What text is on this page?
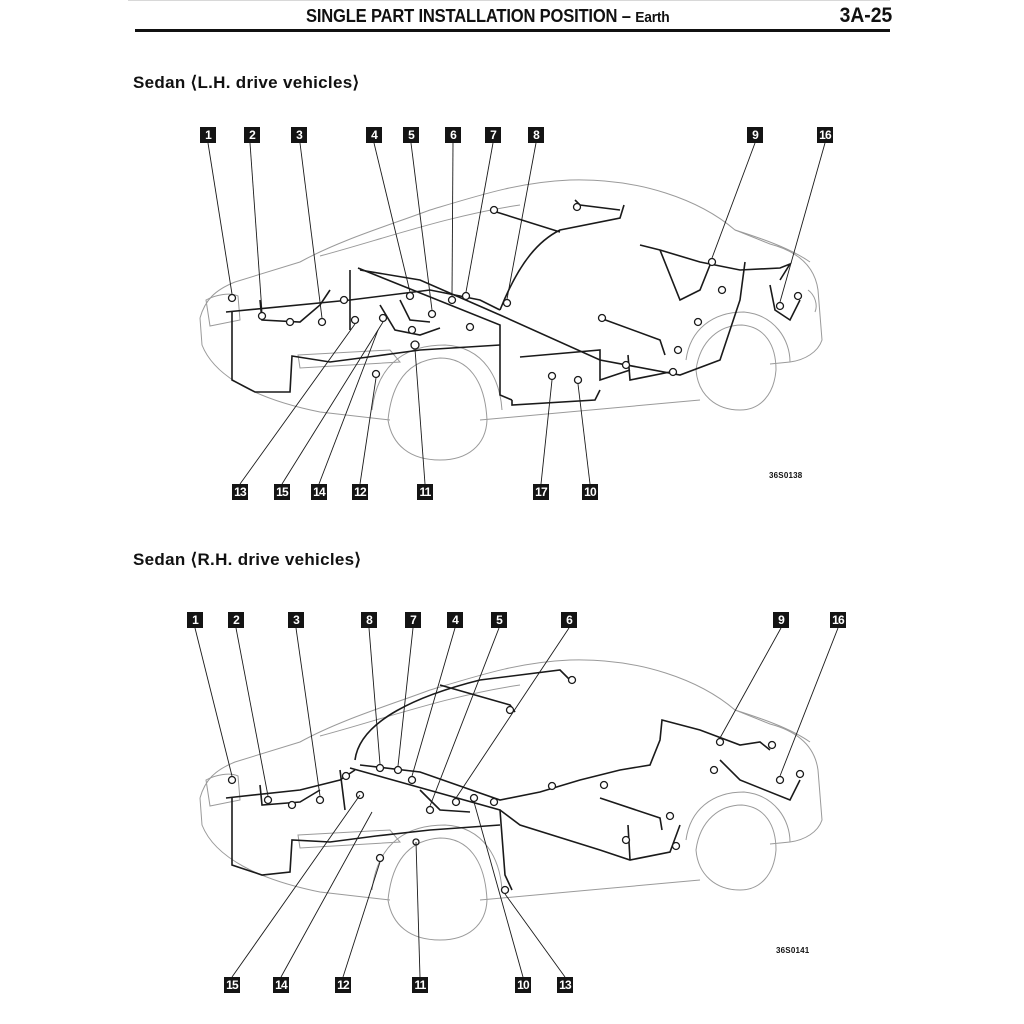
SINGLE PART INSTALLATION POSITION – Earth	3A-25
Sedan ⟨L.H. drive vehicles⟩
1	2	3	4	5	6	7	8	9	16
13	15 14 12	11	17	10
36S0138
Sedan ⟨R.H. drive vehicles⟩
1	2	3	8	7	4	5	6	9	16
15	14	12	11	10	13
36S0141
